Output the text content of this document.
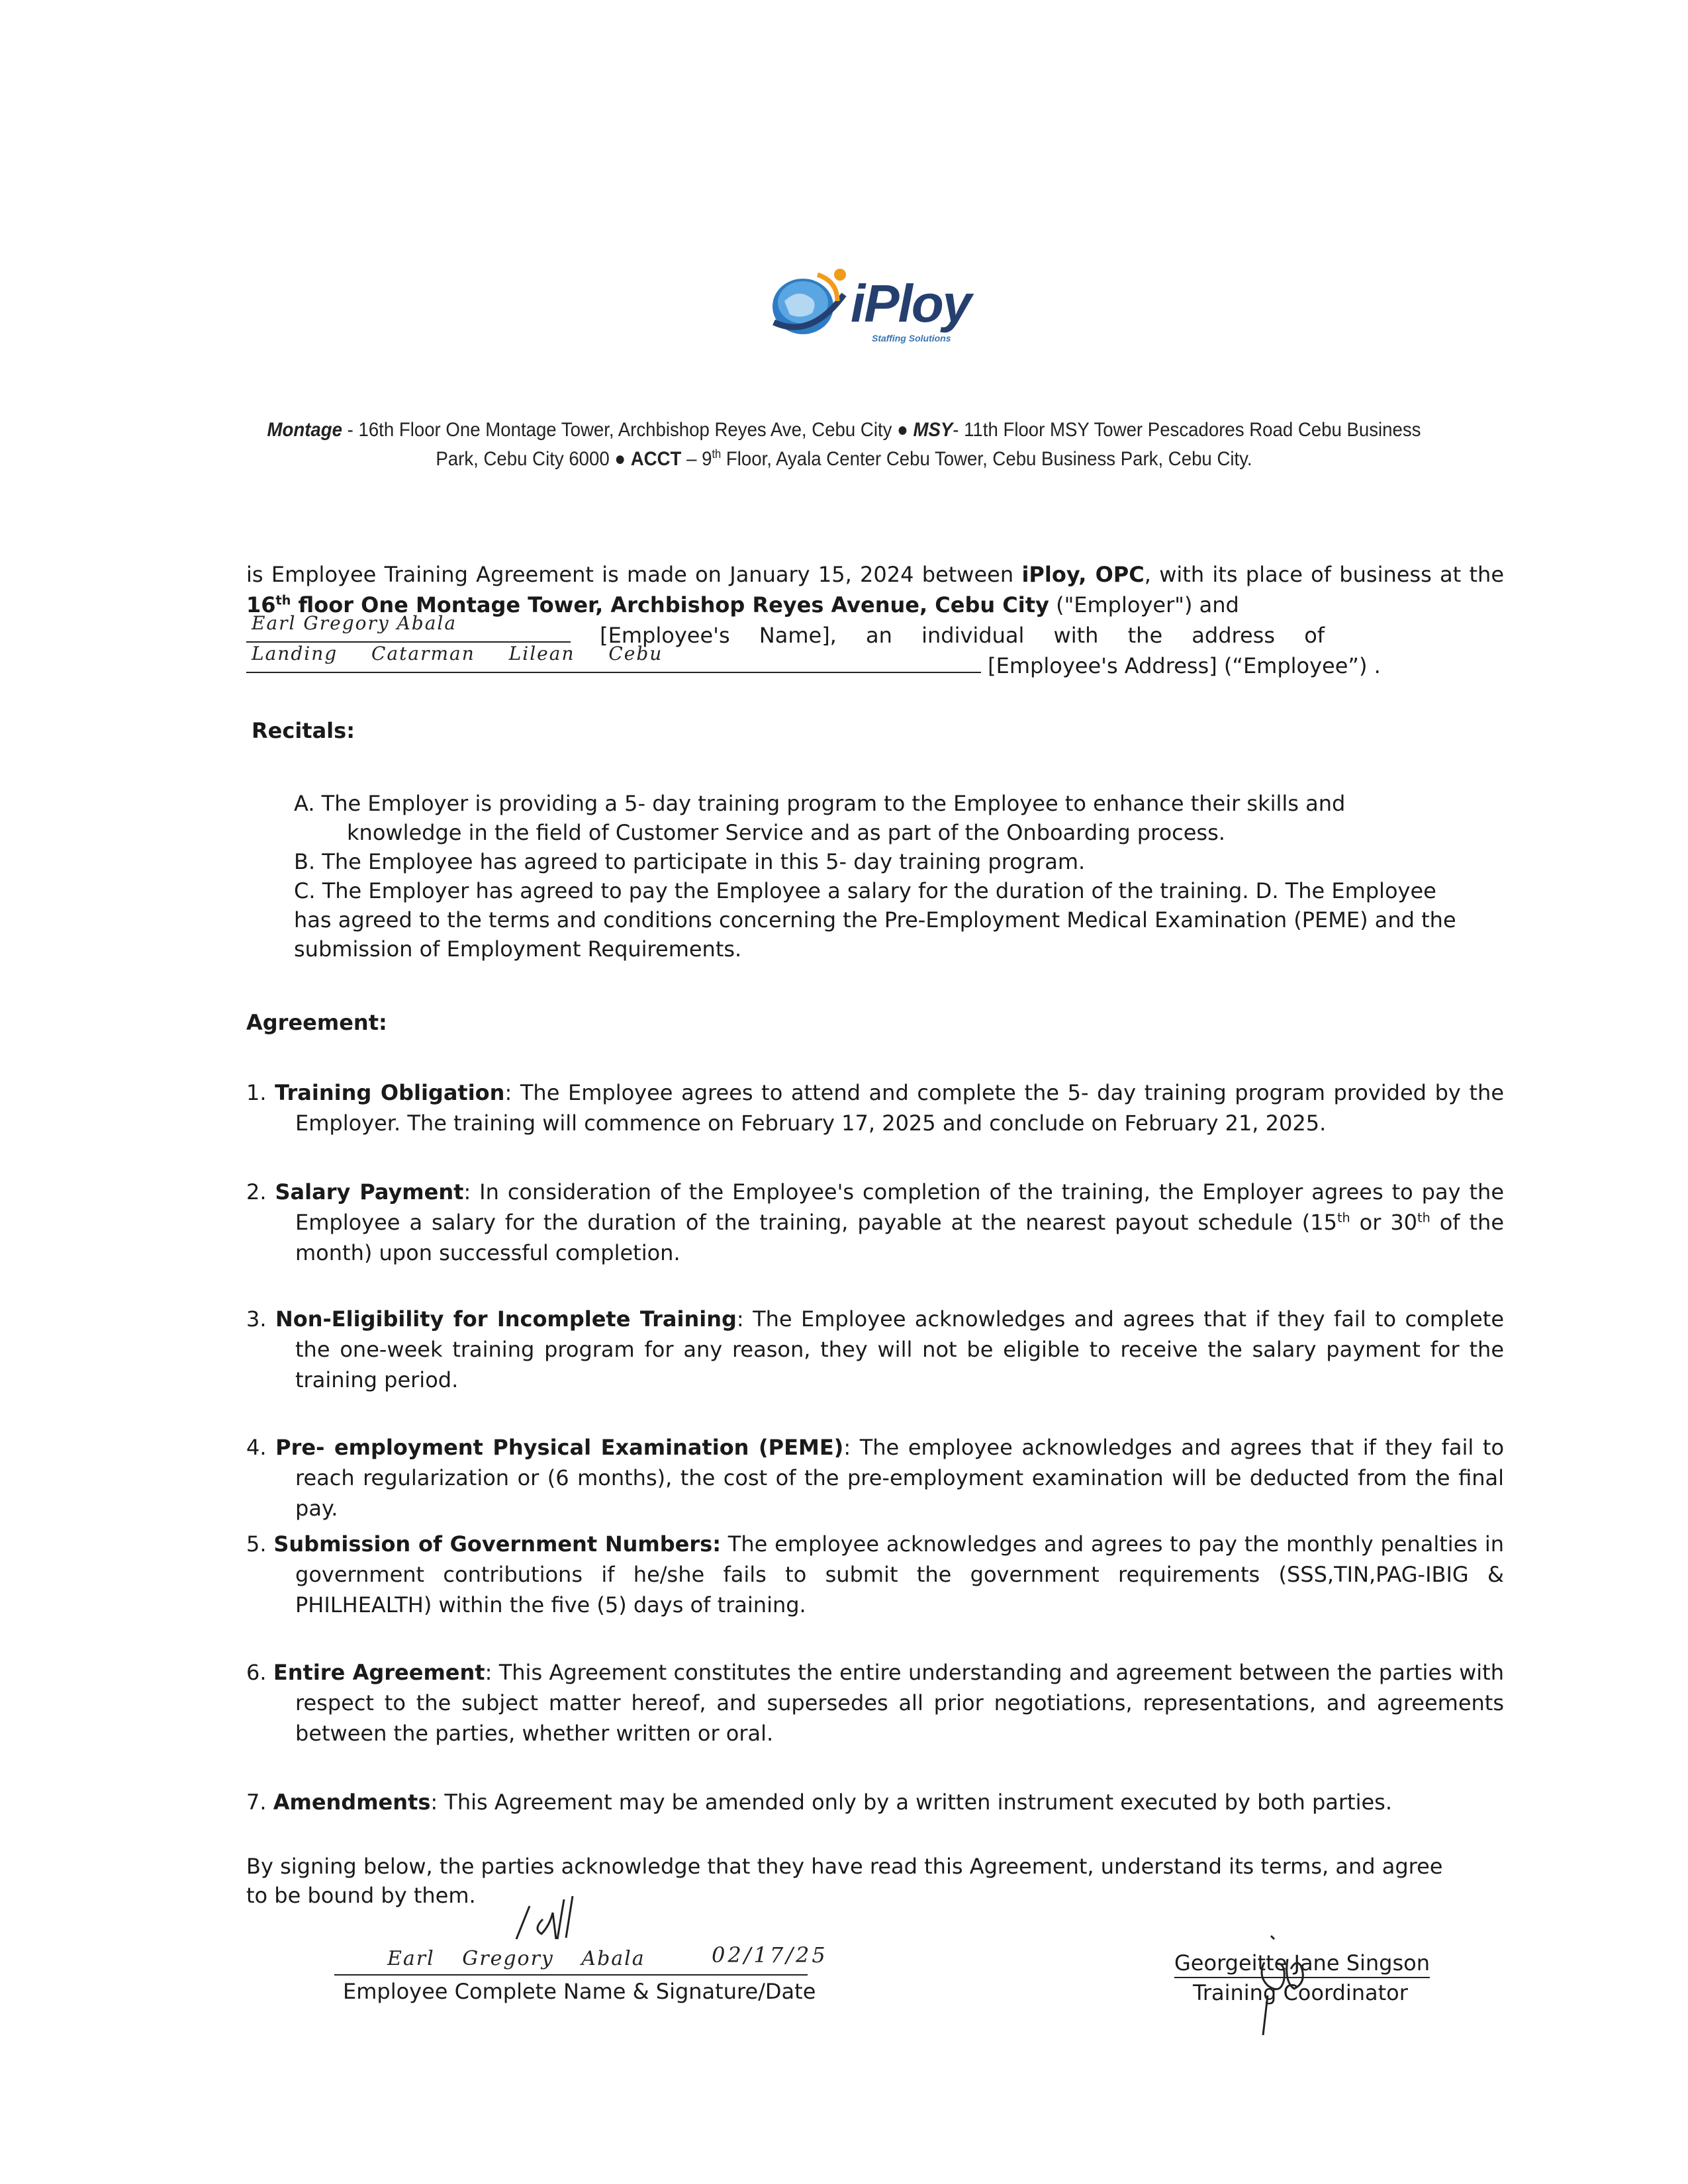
iPloy
Staffing Solutions
Montage - 16th Floor One Montage Tower, Archbishop Reyes Ave, Cebu City ● MSY- 11th Floor MSY Tower Pescadores Road Cebu Business Park, Cebu City 6000 ● ACCT – 9th Floor, Ayala Center Cebu Tower, Cebu Business Park, Cebu City.
is Employee Training Agreement is made on January 15, 2024 between iPloy, OPC, with its place of business at the 16th floor One Montage Tower, Archbishop Reyes Avenue, Cebu City ("Employer") and

Earl Gregory Abala	[Employee's Name], an individual with the address of

Landing Catarman Lilean Cebu	[Employee's Address] (“Employee”) .
Recitals:

A. The Employer is providing a 5- day training program to the Employee to enhance their skills and

knowledge in the field of Customer Service and as part of the Onboarding process.

B. The Employee has agreed to participate in this 5- day training program.

C. The Employer has agreed to pay the Employee a salary for the duration of the training. D. The Employee has agreed to the terms and conditions concerning the Pre-Employment Medical Examination (PEME) and the submission of Employment Requirements.

Agreement:
1. Training Obligation: The Employee agrees to attend and complete the 5- day training program provided by the Employer. The training will commence on February 17, 2025 and conclude on February 21, 2025.
2. Salary Payment: In consideration of the Employee's completion of the training, the Employer agrees to pay the Employee a salary for the duration of the training, payable at the nearest payout schedule (15th or 30th of the month) upon successful completion.
3. Non-Eligibility for Incomplete Training: The Employee acknowledges and agrees that if they fail to complete the one-week training program for any reason, they will not be eligible to receive the salary payment for the training period.
4. Pre- employment Physical Examination (PEME): The employee acknowledges and agrees that if they fail to reach regularization or (6 months), the cost of the pre-employment examination will be deducted from the final pay.
5. Submission of Government Numbers: The employee acknowledges and agrees to pay the monthly penalties in government contributions if he/she fails to submit the government requirements (SSS,TIN,PAG-IBIG & PHILHEALTH) within the five (5) days of training.
6. Entire Agreement: This Agreement constitutes the entire understanding and agreement between the parties with respect to the subject matter hereof, and supersedes all prior negotiations, representations, and agreements between the parties, whether written or oral.
7. Amendments: This Agreement may be amended only by a written instrument executed by both parties.
By signing below, the parties acknowledge that they have read this Agreement, understand its terms, and agree to be bound by them.
Earl Gregory Abala	02/17/25
Employee Complete Name & Signature/Date
Georgeitte Jane Singson
Training Coordinator
